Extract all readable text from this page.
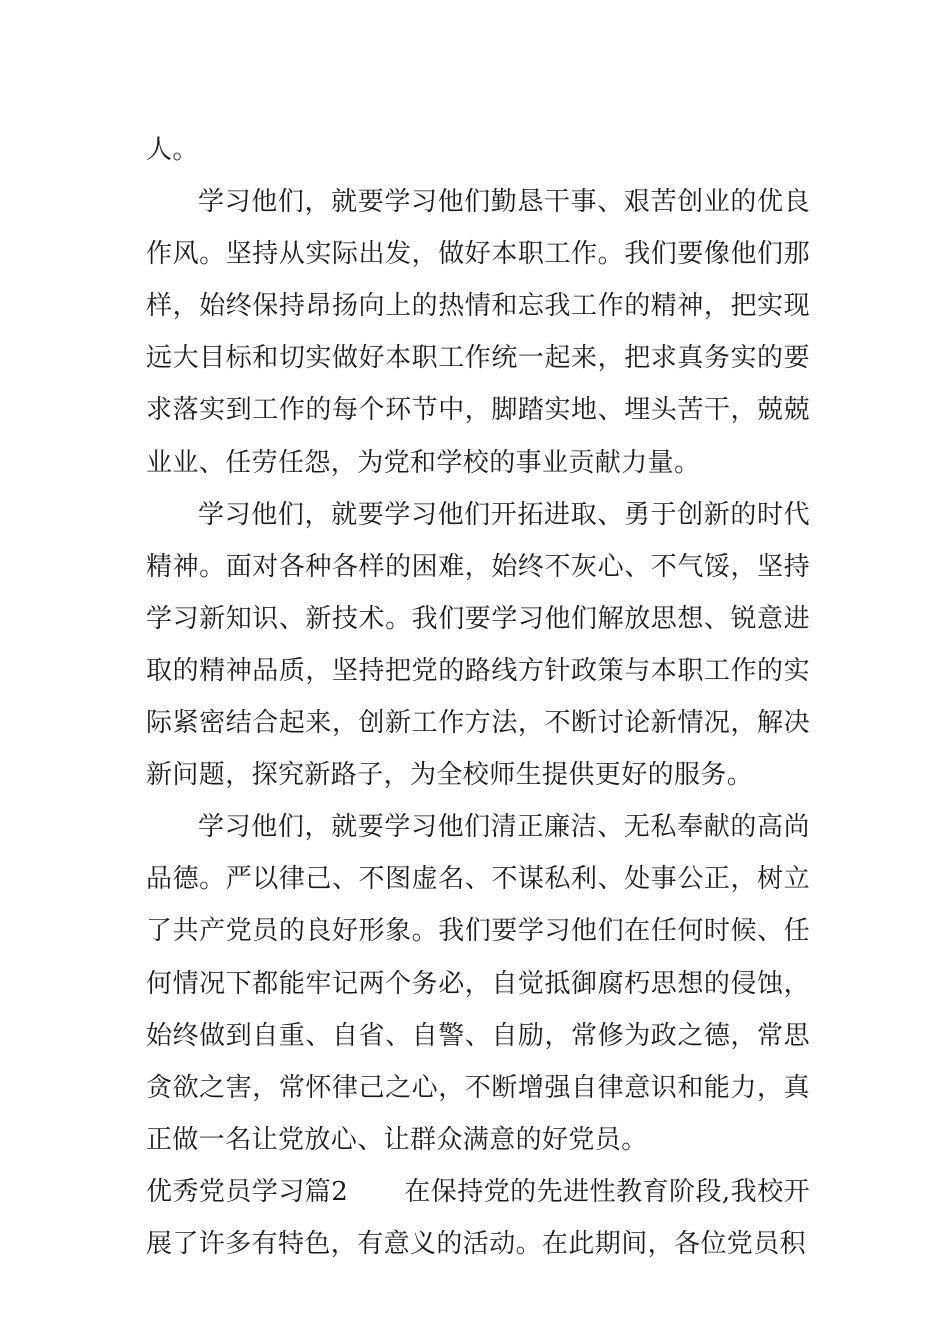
人。

学习他们，就要学习他们勤恳干事、艰苦创业的优良作风。坚持从实际出发，做好本职工作。我们要像他们那样，始终保持昂扬向上的热情和忘我工作的精神，把实现远大目标和切实做好本职工作统一起来，把求真务实的要求落实到工作的每个环节中，脚踏实地、埋头苦干，兢兢业业、任劳任怨，为党和学校的事业贡献力量。

学习他们，就要学习他们开拓进取、勇于创新的时代精神。面对各种各样的困难，始终不灰心、不气馁，坚持学习新知识、新技术。我们要学习他们解放思想、锐意进取的精神品质，坚持把党的路线方针政策与本职工作的实际紧密结合起来，创新工作方法，不断讨论新情况，解决新问题，探究新路子，为全校师生提供更好的服务。

学习他们，就要学习他们清正廉洁、无私奉献的高尚品德。严以律己、不图虚名、不谋私利、处事公正，树立了共产党员的良好形象。我们要学习他们在任何时候、任何情况下都能牢记两个务必，自觉抵御腐朽思想的侵蚀，始终做到自重、自省、自警、自励，常修为政之德，常思贪欲之害，常怀律己之心，不断增强自律意识和能力，真正做一名让党放心、让群众满意的好党员。

优秀党员学习篇2 在保持党的先进性教育阶段,我校开展了许多有特色，有意义的活动。在此期间，各位党员积
